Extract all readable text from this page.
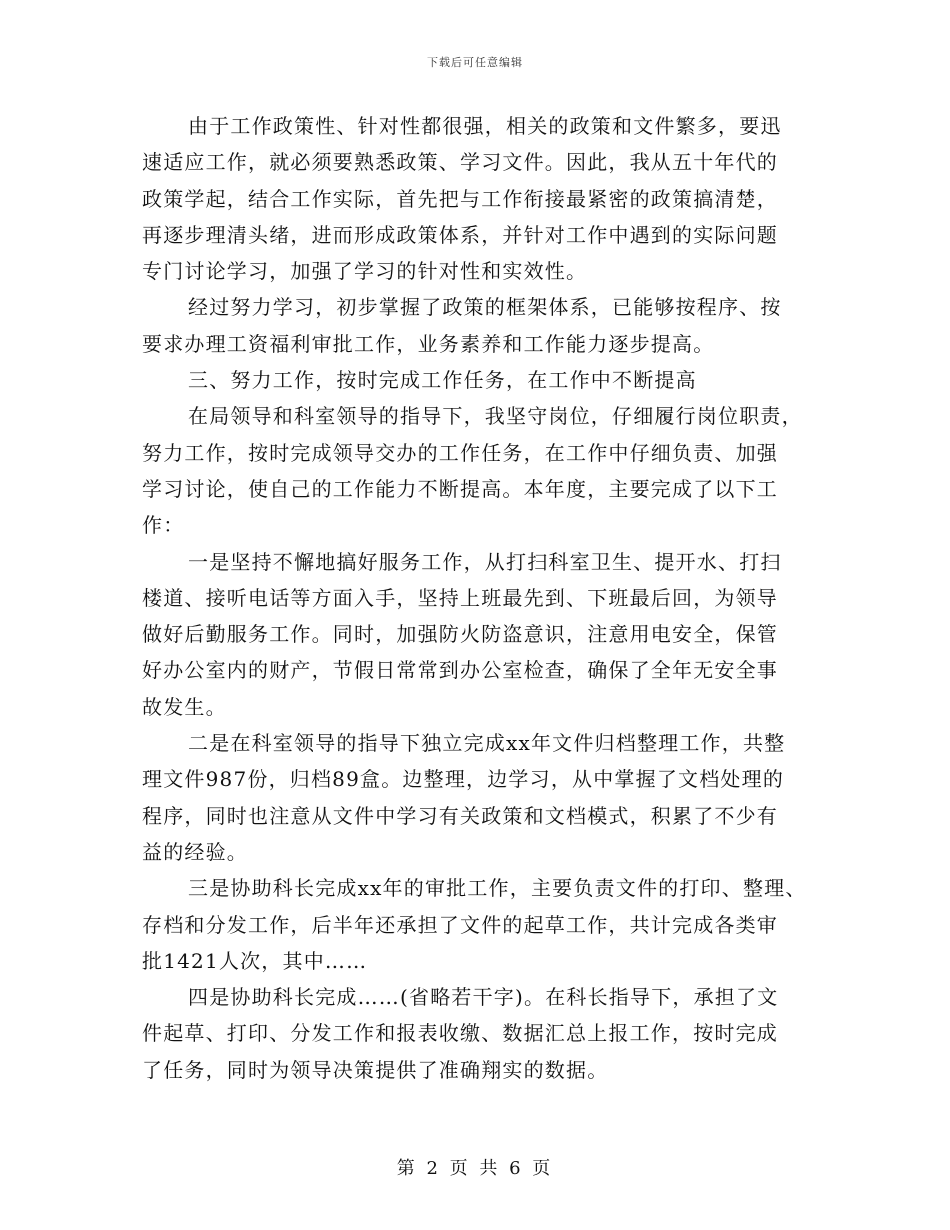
下载后可任意编辑
由于工作政策性、针对性都很强，相关的政策和文件繁多，要迅
速适应工作，就必须要熟悉政策、学习文件。因此，我从五十年代的
政策学起，结合工作实际，首先把与工作衔接最紧密的政策搞清楚，
再逐步理清头绪，进而形成政策体系，并针对工作中遇到的实际问题
专门讨论学习，加强了学习的针对性和实效性。
经过努力学习，初步掌握了政策的框架体系，已能够按程序、按
要求办理工资福利审批工作，业务素养和工作能力逐步提高。
三、努力工作，按时完成工作任务，在工作中不断提高
在局领导和科室领导的指导下，我坚守岗位，仔细履行岗位职责，
努力工作，按时完成领导交办的工作任务，在工作中仔细负责、加强
学习讨论，使自己的工作能力不断提高。本年度，主要完成了以下工
作：
一是坚持不懈地搞好服务工作，从打扫科室卫生、提开水、打扫
楼道、接听电话等方面入手，坚持上班最先到、下班最后回，为领导
做好后勤服务工作。同时，加强防火防盗意识，注意用电安全，保管
好办公室内的财产，节假日常常到办公室检查，确保了全年无安全事
故发生。
二是在科室领导的指导下独立完成xx年文件归档整理工作，共整
理文件987份，归档89盒。边整理，边学习，从中掌握了文档处理的
程序，同时也注意从文件中学习有关政策和文档模式，积累了不少有
益的经验。
三是协助科长完成xx年的审批工作，主要负责文件的打印、整理、
存档和分发工作，后半年还承担了文件的起草工作，共计完成各类审
批1421人次，其中……
四是协助科长完成……(省略若干字)。在科长指导下，承担了文
件起草、打印、分发工作和报表收缴、数据汇总上报工作，按时完成
了任务，同时为领导决策提供了准确翔实的数据。
第 2 页 共 6 页
